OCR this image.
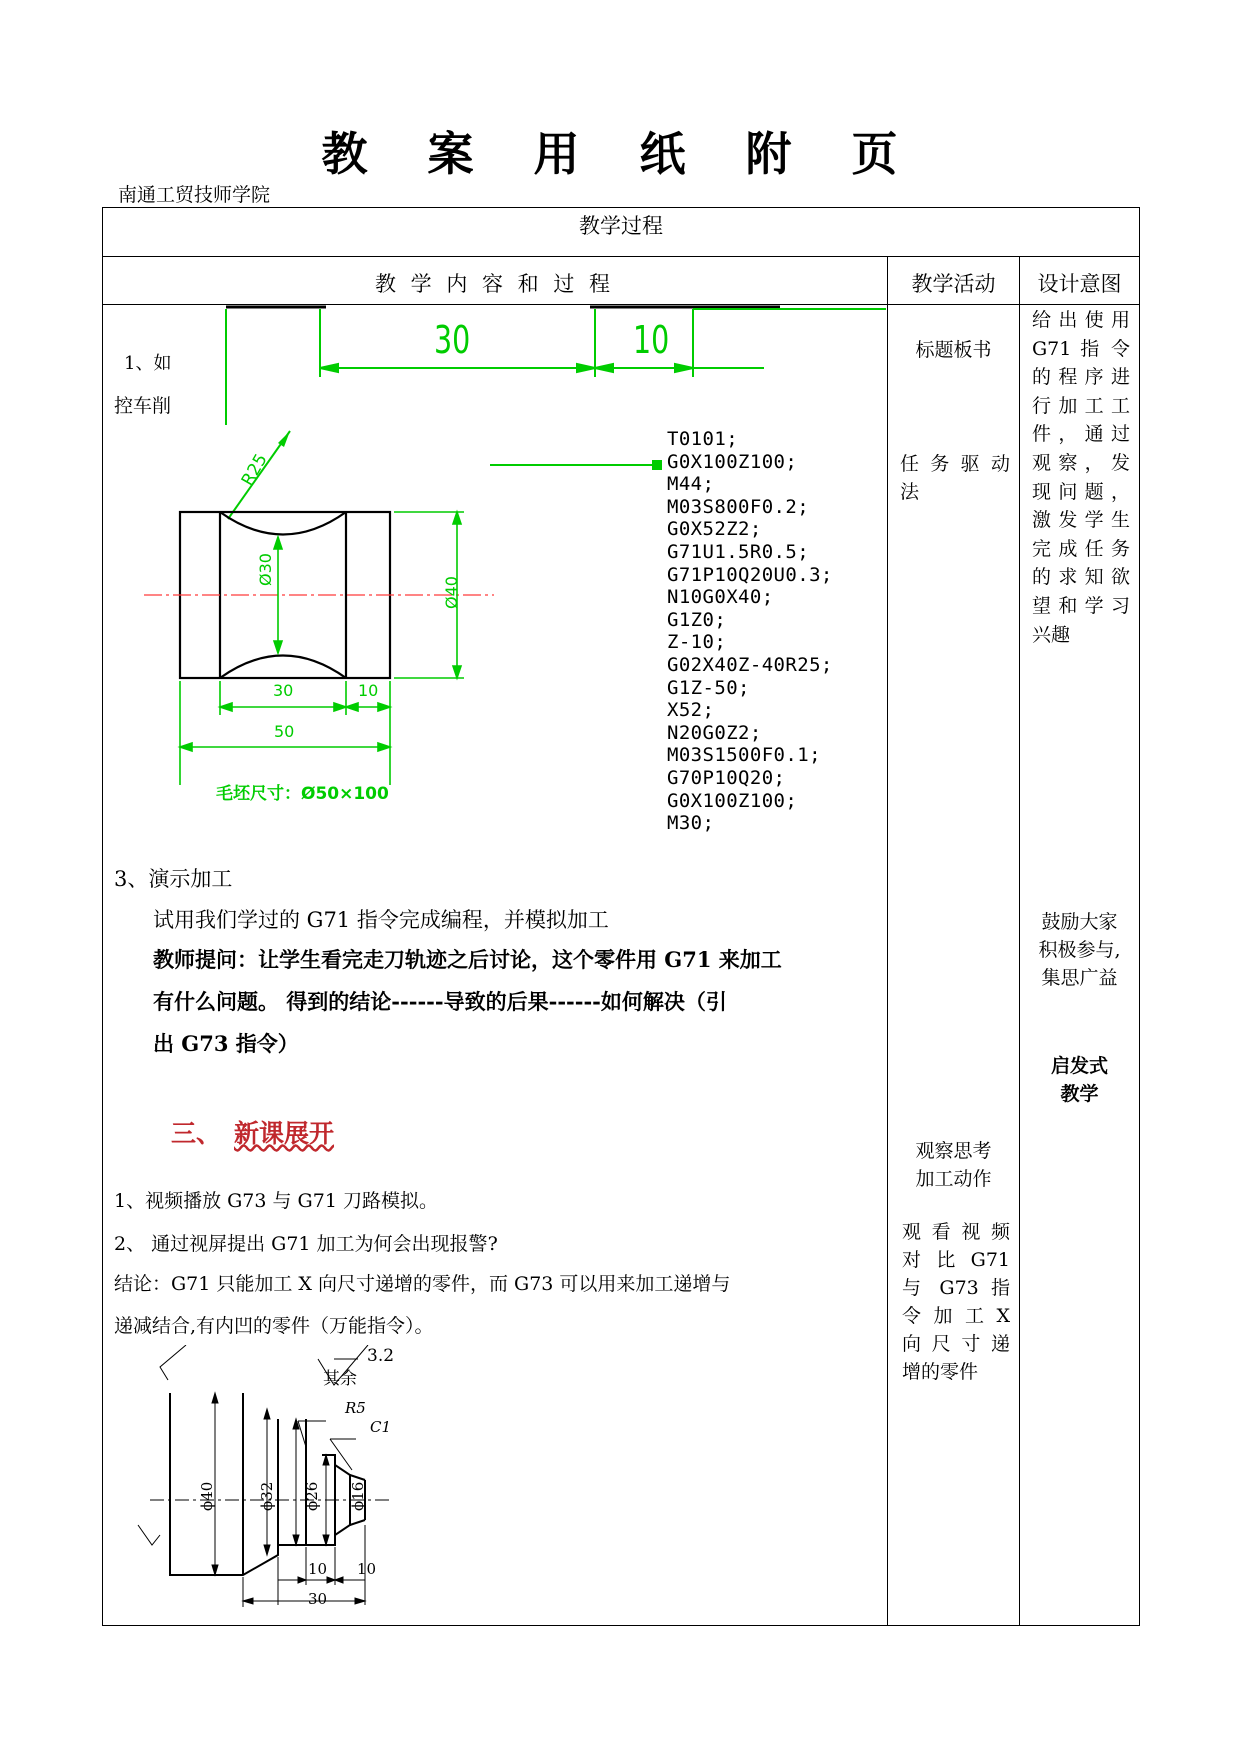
教 案 用 纸 附 页
南通工贸技师学院
教学过程
教 学 内 容 和 过 程	教学活动	设计意图
30	10
1、如
控车削
R25
Ø30
Ø40
30	10
50
毛坯尺寸：Ø50×100
T0101;
G0X100Z100;
M44;
M03S800F0.2;
G0X52Z2;
G71U1.5R0.5;
G71P10Q20U0.3;
N10G0X40;
G1Z0;
Z-10;
G02X40Z-40R25;
G1Z-50;
X52;
N20G0Z2;
M03S1500F0.1;
G70P10Q20;
G0X100Z100;
M30;
3、演示加工
试用我们学过的 G71 指令完成编程，并模拟加工
教师提问：让学生看完走刀轨迹之后讨论，这个零件用 G71 来加工
有什么问题。 得到的结论------导致的后果------如何解决（引
出 G73 指令）
三、 新课展开
1、视频播放 G73 与 G71 刀路模拟。
2、 通过视屏提出 G71 加工为何会出现报警?
结论：G71 只能加工 X 向尺寸递增的零件，而 G73 可以用来加工递增与
递减结合,有内凹的零件（万能指令）。
其余
3.2
R5
C1
ϕ40	ϕ32 ϕ26 ϕ16
10 10
30
标题板书
任 务 驱 动 法
观察思考
加工动作
观 看 视 频
对 比 G71
与 G73 指
令 加 工 X
向 尺 寸 递
增的零件
给出使用
G71 指 令
的程序进
行加工工
件，通过
观察，发
现问题，
激发学生
完成任务
的求知欲
望和学习
兴趣
鼓励大家
积极参与,
集思广益
启发式
教学
